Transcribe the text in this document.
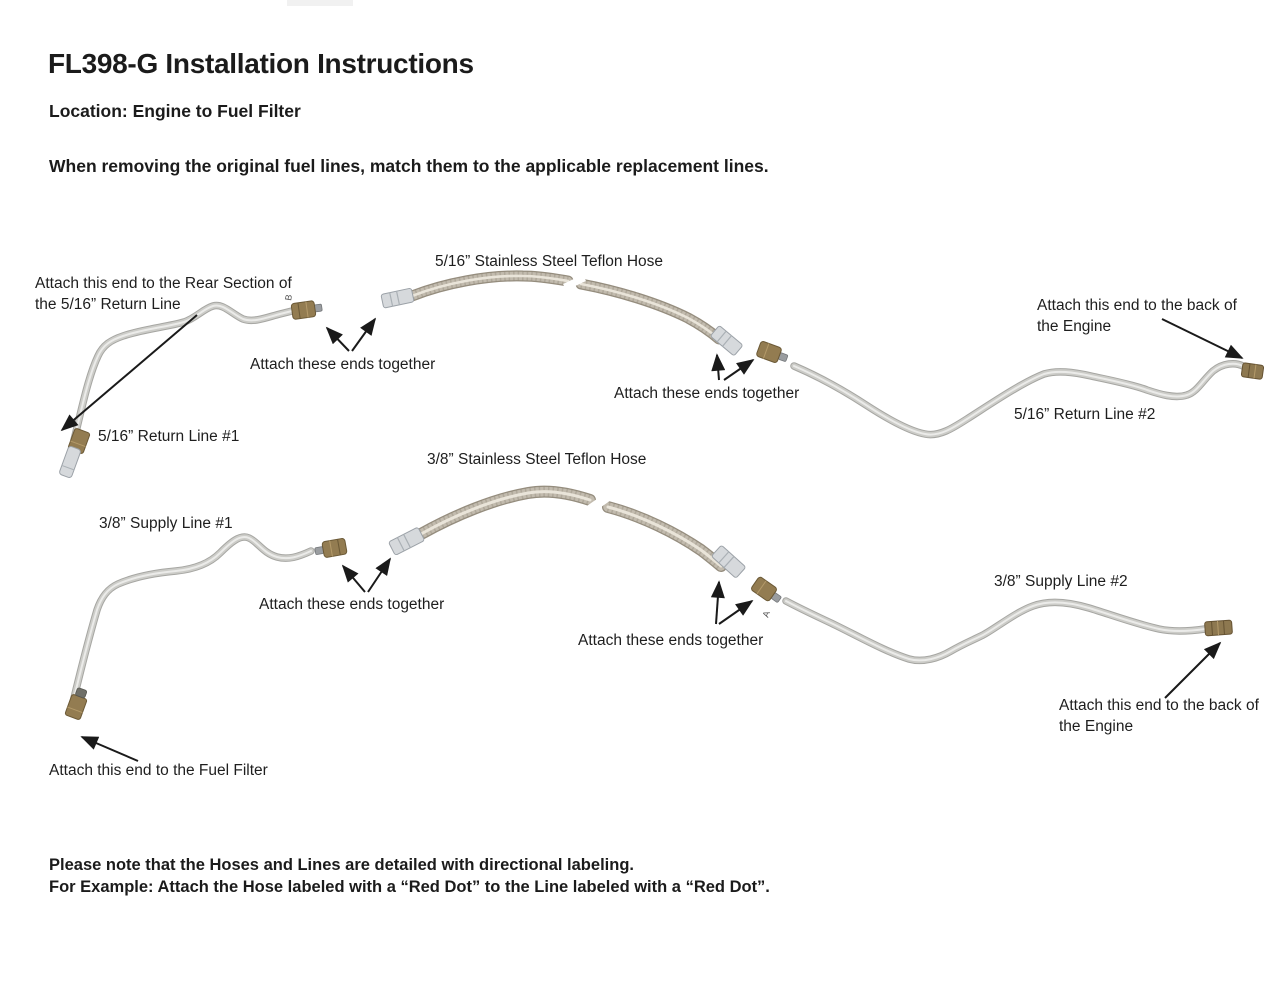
FL398-G Installation Instructions
Location: Engine to Fuel Filter
When removing the original fuel lines, match them to the applicable replacement lines.
B
A
Attach this end to the Rear Section of the 5/16” Return Line
5/16” Stainless Steel Teflon Hose
Attach these ends together
Attach these ends together
Attach this end to the back of the Engine
5/16” Return Line #1
5/16” Return Line #2
3/8” Stainless Steel Teflon Hose
3/8” Supply Line #1
Attach these ends together
Attach these ends together
3/8” Supply Line #2
Attach this end to the back of the Engine
Attach this end to the Fuel Filter
Please note that the Hoses and Lines are detailed with directional labeling.
For Example: Attach the Hose labeled with a “Red Dot” to the Line labeled with a “Red Dot”.
